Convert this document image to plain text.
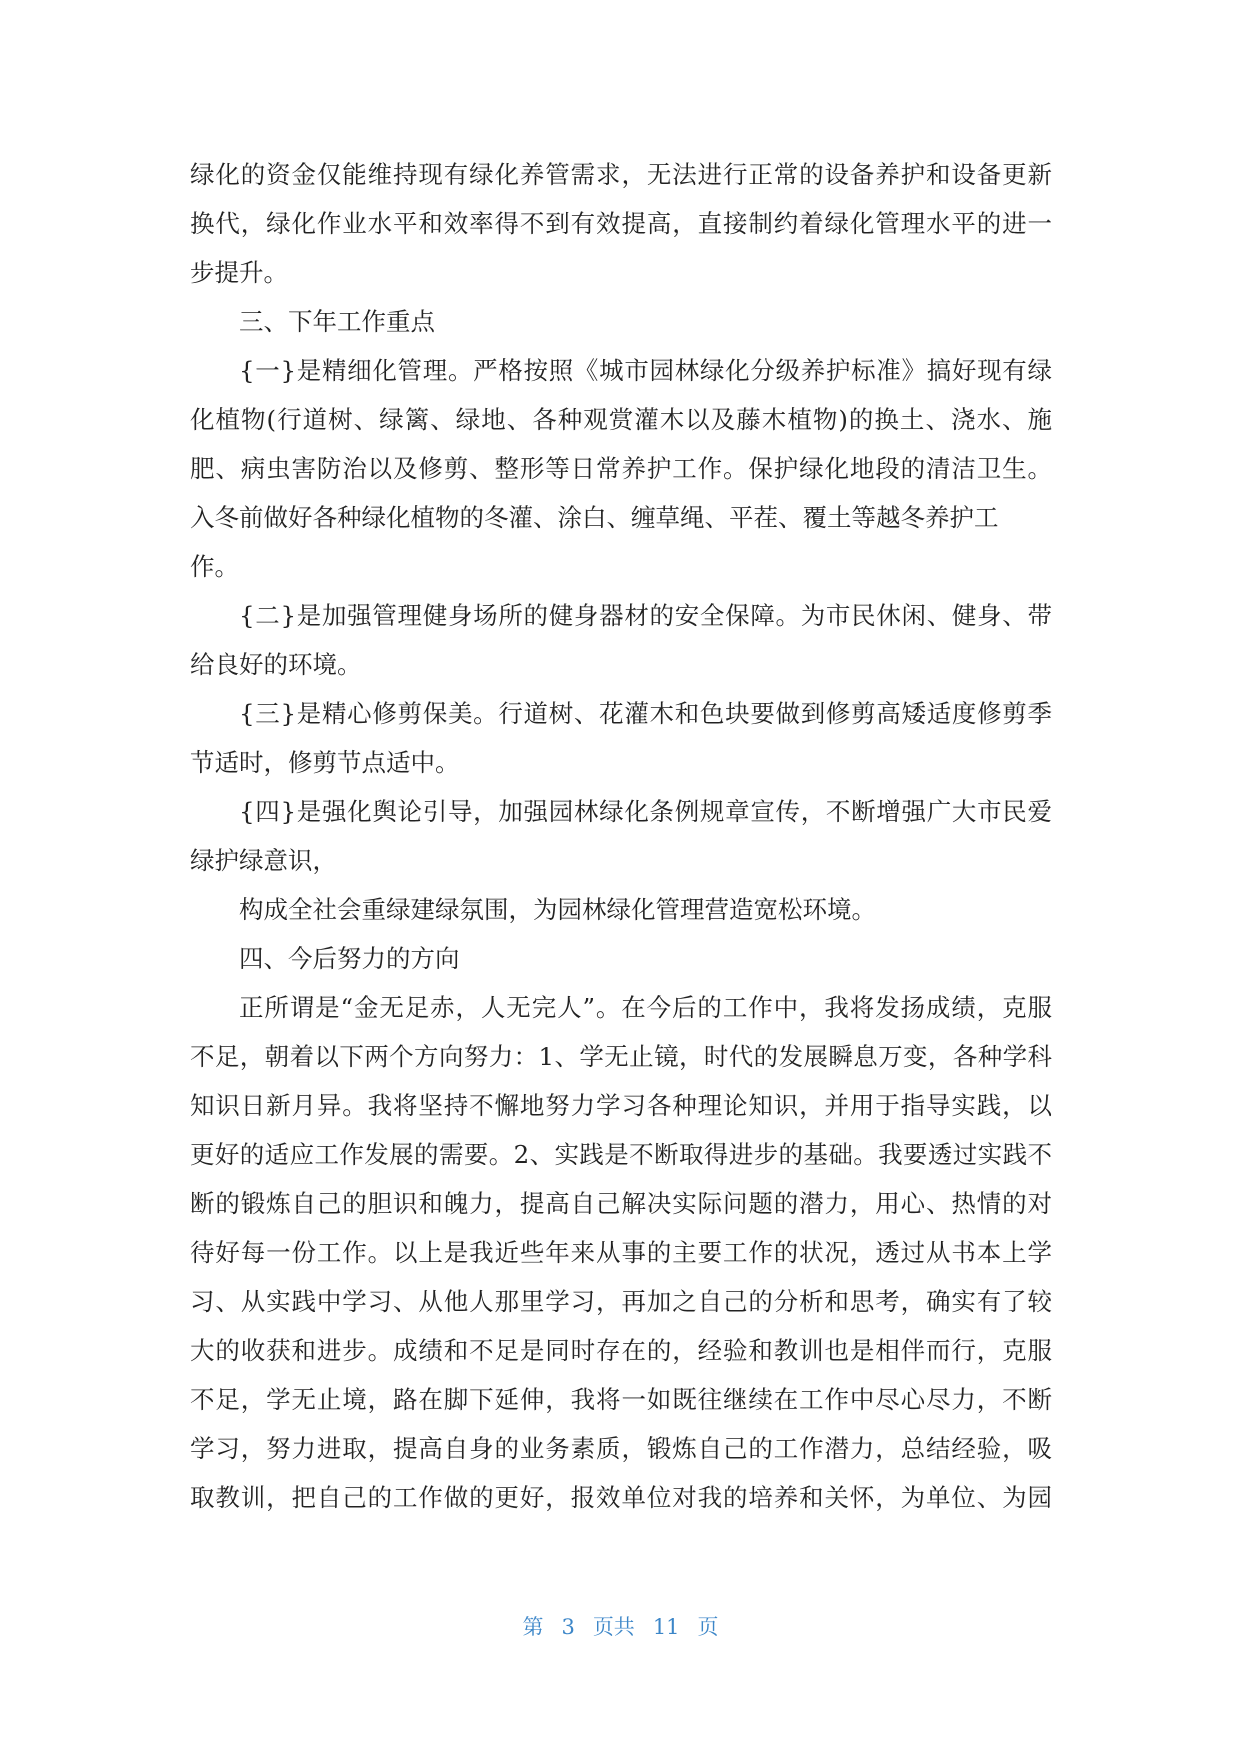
绿化的资金仅能维持现有绿化养管需求，无法进行正常的设备养护和设备更新
换代，绿化作业水平和效率得不到有效提高，直接制约着绿化管理水平的进一
步提升。
三、下年工作重点
{一}是精细化管理。严格按照《城市园林绿化分级养护标准》搞好现有绿
化植物(行道树、绿篱、绿地、各种观赏灌木以及藤木植物)的换土、浇水、施
肥、病虫害防治以及修剪、整形等日常养护工作。保护绿化地段的清洁卫生。
入冬前做好各种绿化植物的冬灌、涂白、缠草绳、平茬、覆土等越冬养护工
作。
{二}是加强管理健身场所的健身器材的安全保障。为市民休闲、健身、带
给良好的环境。
{三}是精心修剪保美。行道树、花灌木和色块要做到修剪高矮适度修剪季
节适时，修剪节点适中。
{四}是强化舆论引导，加强园林绿化条例规章宣传，不断增强广大市民爱
绿护绿意识，
构成全社会重绿建绿氛围，为园林绿化管理营造宽松环境。
四、今后努力的方向
正所谓是“金无足赤，人无完人”。在今后的工作中，我将发扬成绩，克服
不足，朝着以下两个方向努力：1、学无止镜，时代的发展瞬息万变，各种学科
知识日新月异。我将坚持不懈地努力学习各种理论知识，并用于指导实践，以
更好的适应工作发展的需要。2、实践是不断取得进步的基础。我要透过实践不
断的锻炼自己的胆识和魄力，提高自己解决实际问题的潜力，用心、热情的对
待好每一份工作。以上是我近些年来从事的主要工作的状况，透过从书本上学
习、从实践中学习、从他人那里学习，再加之自己的分析和思考，确实有了较
大的收获和进步。成绩和不足是同时存在的，经验和教训也是相伴而行，克服
不足，学无止境，路在脚下延伸，我将一如既往继续在工作中尽心尽力，不断
学习，努力进取，提高自身的业务素质，锻炼自己的工作潜力，总结经验，吸
取教训，把自己的工作做的更好，报效单位对我的培养和关怀，为单位、为园
第 3 页共 11 页
